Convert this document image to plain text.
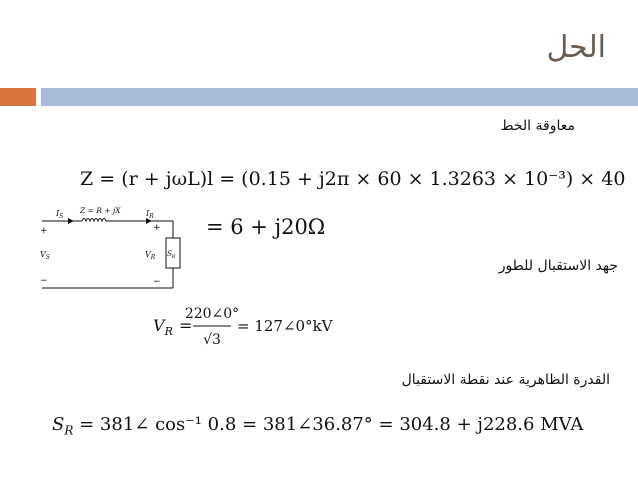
الحل
معاوقة الخط
Z = (r + jωL)l = (0.15 + j2π × 60 × 1.3263 × 10⁻³) × 40
= 6 + j20Ω
$I_S$
Z = R + jX	$I_R$
+
$V_S$
−
+
$V_R$ $S_R$
−
جهد الاستقبال للطور
$V_R$ =
220∠0°
√3
= 127∠0°kV
القدرة الظاهرية عند نقطة الاستقبال
$S_R$ = 381∠ cos⁻¹ 0.8 = 381∠36.87° = 304.8 + j228.6 MVA
